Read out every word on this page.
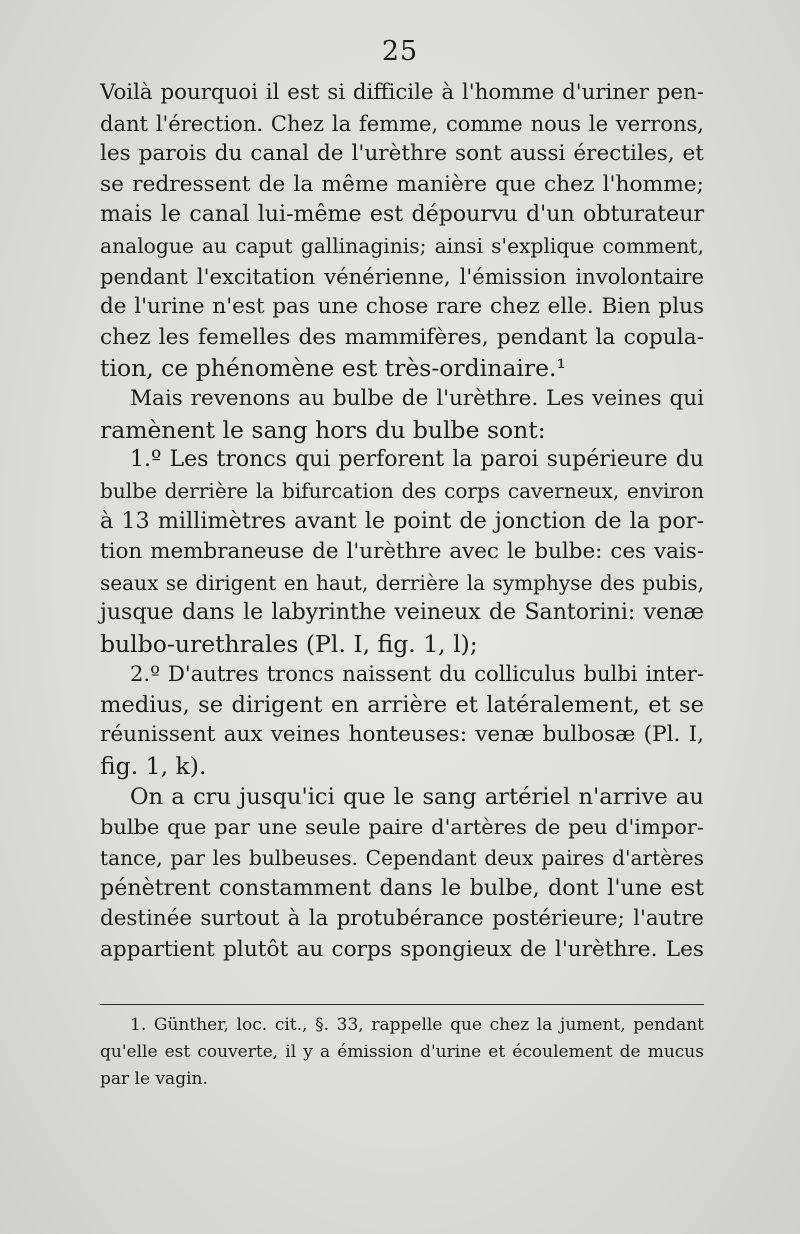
25
Voilà pourquoi il est si difficile à l'homme d'uriner pen-
dant l'érection. Chez la femme, comme nous le verrons,
les parois du canal de l'urèthre sont aussi érectiles, et
se redressent de la même manière que chez l'homme;
mais le canal lui-même est dépourvu d'un obturateur
analogue au caput gallinaginis; ainsi s'explique comment,
pendant l'excitation vénérienne, l'émission involontaire
de l'urine n'est pas une chose rare chez elle. Bien plus
chez les femelles des mammifères, pendant la copula-
tion, ce phénomène est très-ordinaire.¹
Mais revenons au bulbe de l'urèthre. Les veines qui
ramènent le sang hors du bulbe sont:
1.º Les troncs qui perforent la paroi supérieure du
bulbe derrière la bifurcation des corps caverneux, environ
à 13 millimètres avant le point de jonction de la por-
tion membraneuse de l'urèthre avec le bulbe: ces vais-
seaux se dirigent en haut, derrière la symphyse des pubis,
jusque dans le labyrinthe veineux de Santorini: venæ
bulbo-urethrales (Pl. I, fig. 1, l);
2.º D'autres troncs naissent du colliculus bulbi inter-
medius, se dirigent en arrière et latéralement, et se
réunissent aux veines honteuses: venæ bulbosæ (Pl. I,
fig. 1, k).
On a cru jusqu'ici que le sang artériel n'arrive au
bulbe que par une seule paire d'artères de peu d'impor-
tance, par les bulbeuses. Cependant deux paires d'artères
pénètrent constamment dans le bulbe, dont l'une est
destinée surtout à la protubérance postérieure; l'autre
appartient plutôt au corps spongieux de l'urèthre. Les
1. Günther, loc. cit., §. 33, rappelle que chez la jument, pendant
qu'elle est couverte, il y a émission d'urine et écoulement de mucus
par le vagin.
